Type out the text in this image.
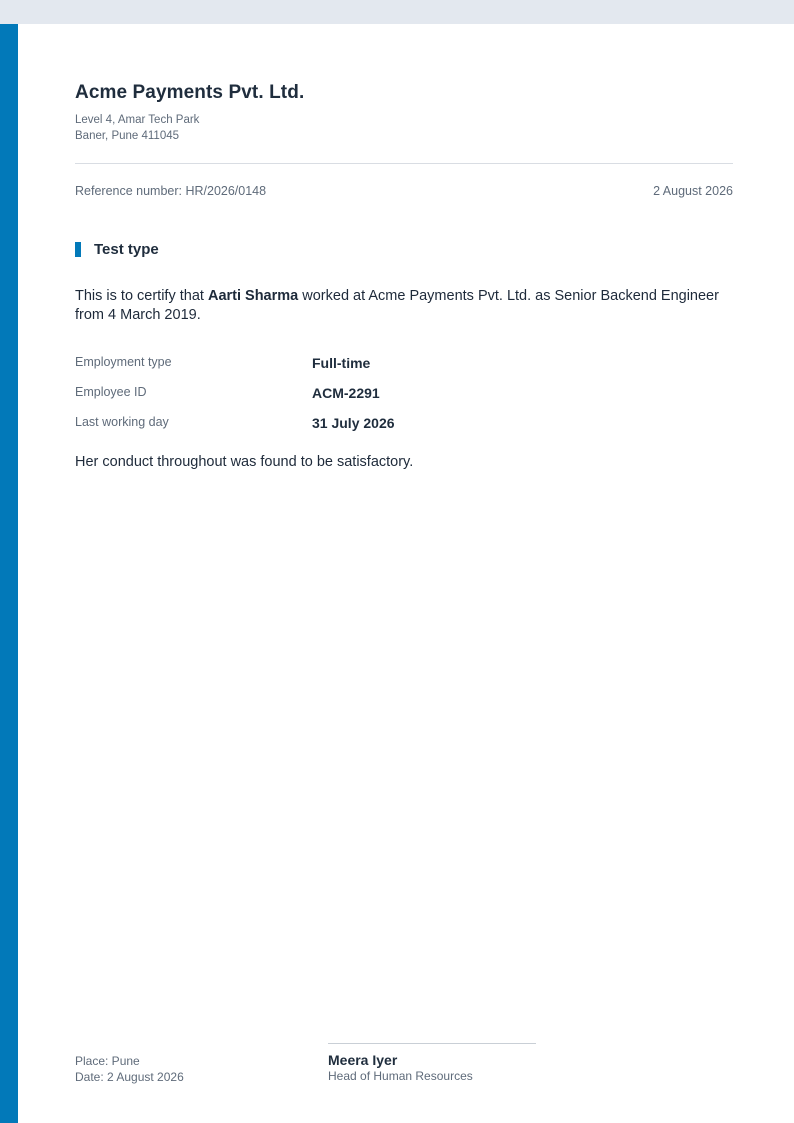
Acme Payments Pvt. Ltd.
Level 4, Amar Tech Park
Baner, Pune 411045
Reference number: HR/2026/0148	2 August 2026
Test type
This is to certify that Aarti Sharma worked at Acme Payments Pvt. Ltd. as Senior Backend Engineer from 4 March 2019.
Employment type	Full-time
Employee ID	ACM-2291
Last working day	31 July 2026
Her conduct throughout was found to be satisfactory.
Place: Pune
Date: 2 August 2026
Meera Iyer
Head of Human Resources
